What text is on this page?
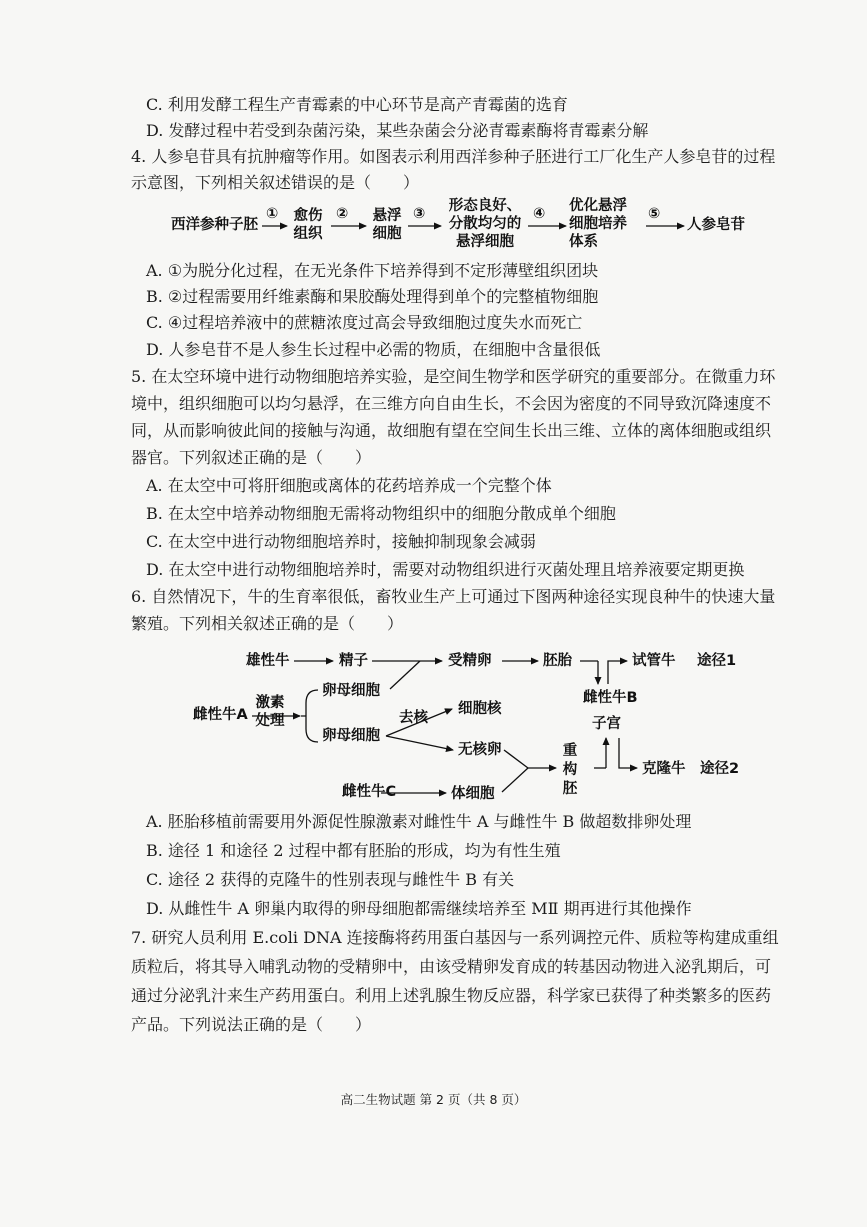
C. 利用发酵工程生产青霉素的中心环节是高产青霉菌的选育
D. 发酵过程中若受到杂菌污染，某些杂菌会分泌青霉素酶将青霉素分解
4. 人参皂苷具有抗肿瘤等作用。如图表示利用西洋参种子胚进行工厂化生产人参皂苷的过程
示意图，下列相关叙述错误的是（　　）
西洋参种子胚
① 愈伤
组织
② 悬浮
细胞
③	形态良好、
分散均匀的
悬浮细胞
④ 优化悬浮
细胞培养
体系
⑤
人参皂苷
A. ①为脱分化过程，在无光条件下培养得到不定形薄壁组织团块
B. ②过程需要用纤维素酶和果胶酶处理得到单个的完整植物细胞
C. ④过程培养液中的蔗糖浓度过高会导致细胞过度失水而死亡
D. 人参皂苷不是人参生长过程中必需的物质，在细胞中含量很低
5. 在太空环境中进行动物细胞培养实验，是空间生物学和医学研究的重要部分。在微重力环
境中，组织细胞可以均匀悬浮，在三维方向自由生长，不会因为密度的不同导致沉降速度不
同，从而影响彼此间的接触与沟通，故细胞有望在空间生长出三维、立体的离体细胞或组织
器官。下列叙述正确的是（　　）
A. 在太空中可将肝细胞或离体的花药培养成一个完整个体
B. 在太空中培养动物细胞无需将动物组织中的细胞分散成单个细胞
C. 在太空中进行动物细胞培养时，接触抑制现象会减弱
D. 在太空中进行动物细胞培养时，需要对动物组织进行灭菌处理且培养液要定期更换
6. 自然情况下，牛的生育率很低，畜牧业生产上可通过下图两种途径实现良种牛的快速大量
繁殖。下列相关叙述正确的是（　　）
雄性牛	精子	受精卵	胚胎	试管牛 途径1
雌性牛A
激素
处理
卵母细胞
卵母细胞
去核
细胞核
无核卵
雌性牛B
子宫
重
构
胚
克隆牛 途径2
雌性牛C	体细胞
A. 胚胎移植前需要用外源促性腺激素对雌性牛 A 与雌性牛 B 做超数排卵处理
B. 途径 1 和途径 2 过程中都有胚胎的形成，均为有性生殖
C. 途径 2 获得的克隆牛的性别表现与雌性牛 B 有关
D. 从雌性牛 A 卵巢内取得的卵母细胞都需继续培养至 MⅡ 期再进行其他操作
7. 研究人员利用 E.coli DNA 连接酶将药用蛋白基因与一系列调控元件、质粒等构建成重组
质粒后，将其导入哺乳动物的受精卵中，由该受精卵发育成的转基因动物进入泌乳期后，可
通过分泌乳汁来生产药用蛋白。利用上述乳腺生物反应器，科学家已获得了种类繁多的医药
产品。下列说法正确的是（　　）
高二生物试题 第 2 页（共 8 页）
